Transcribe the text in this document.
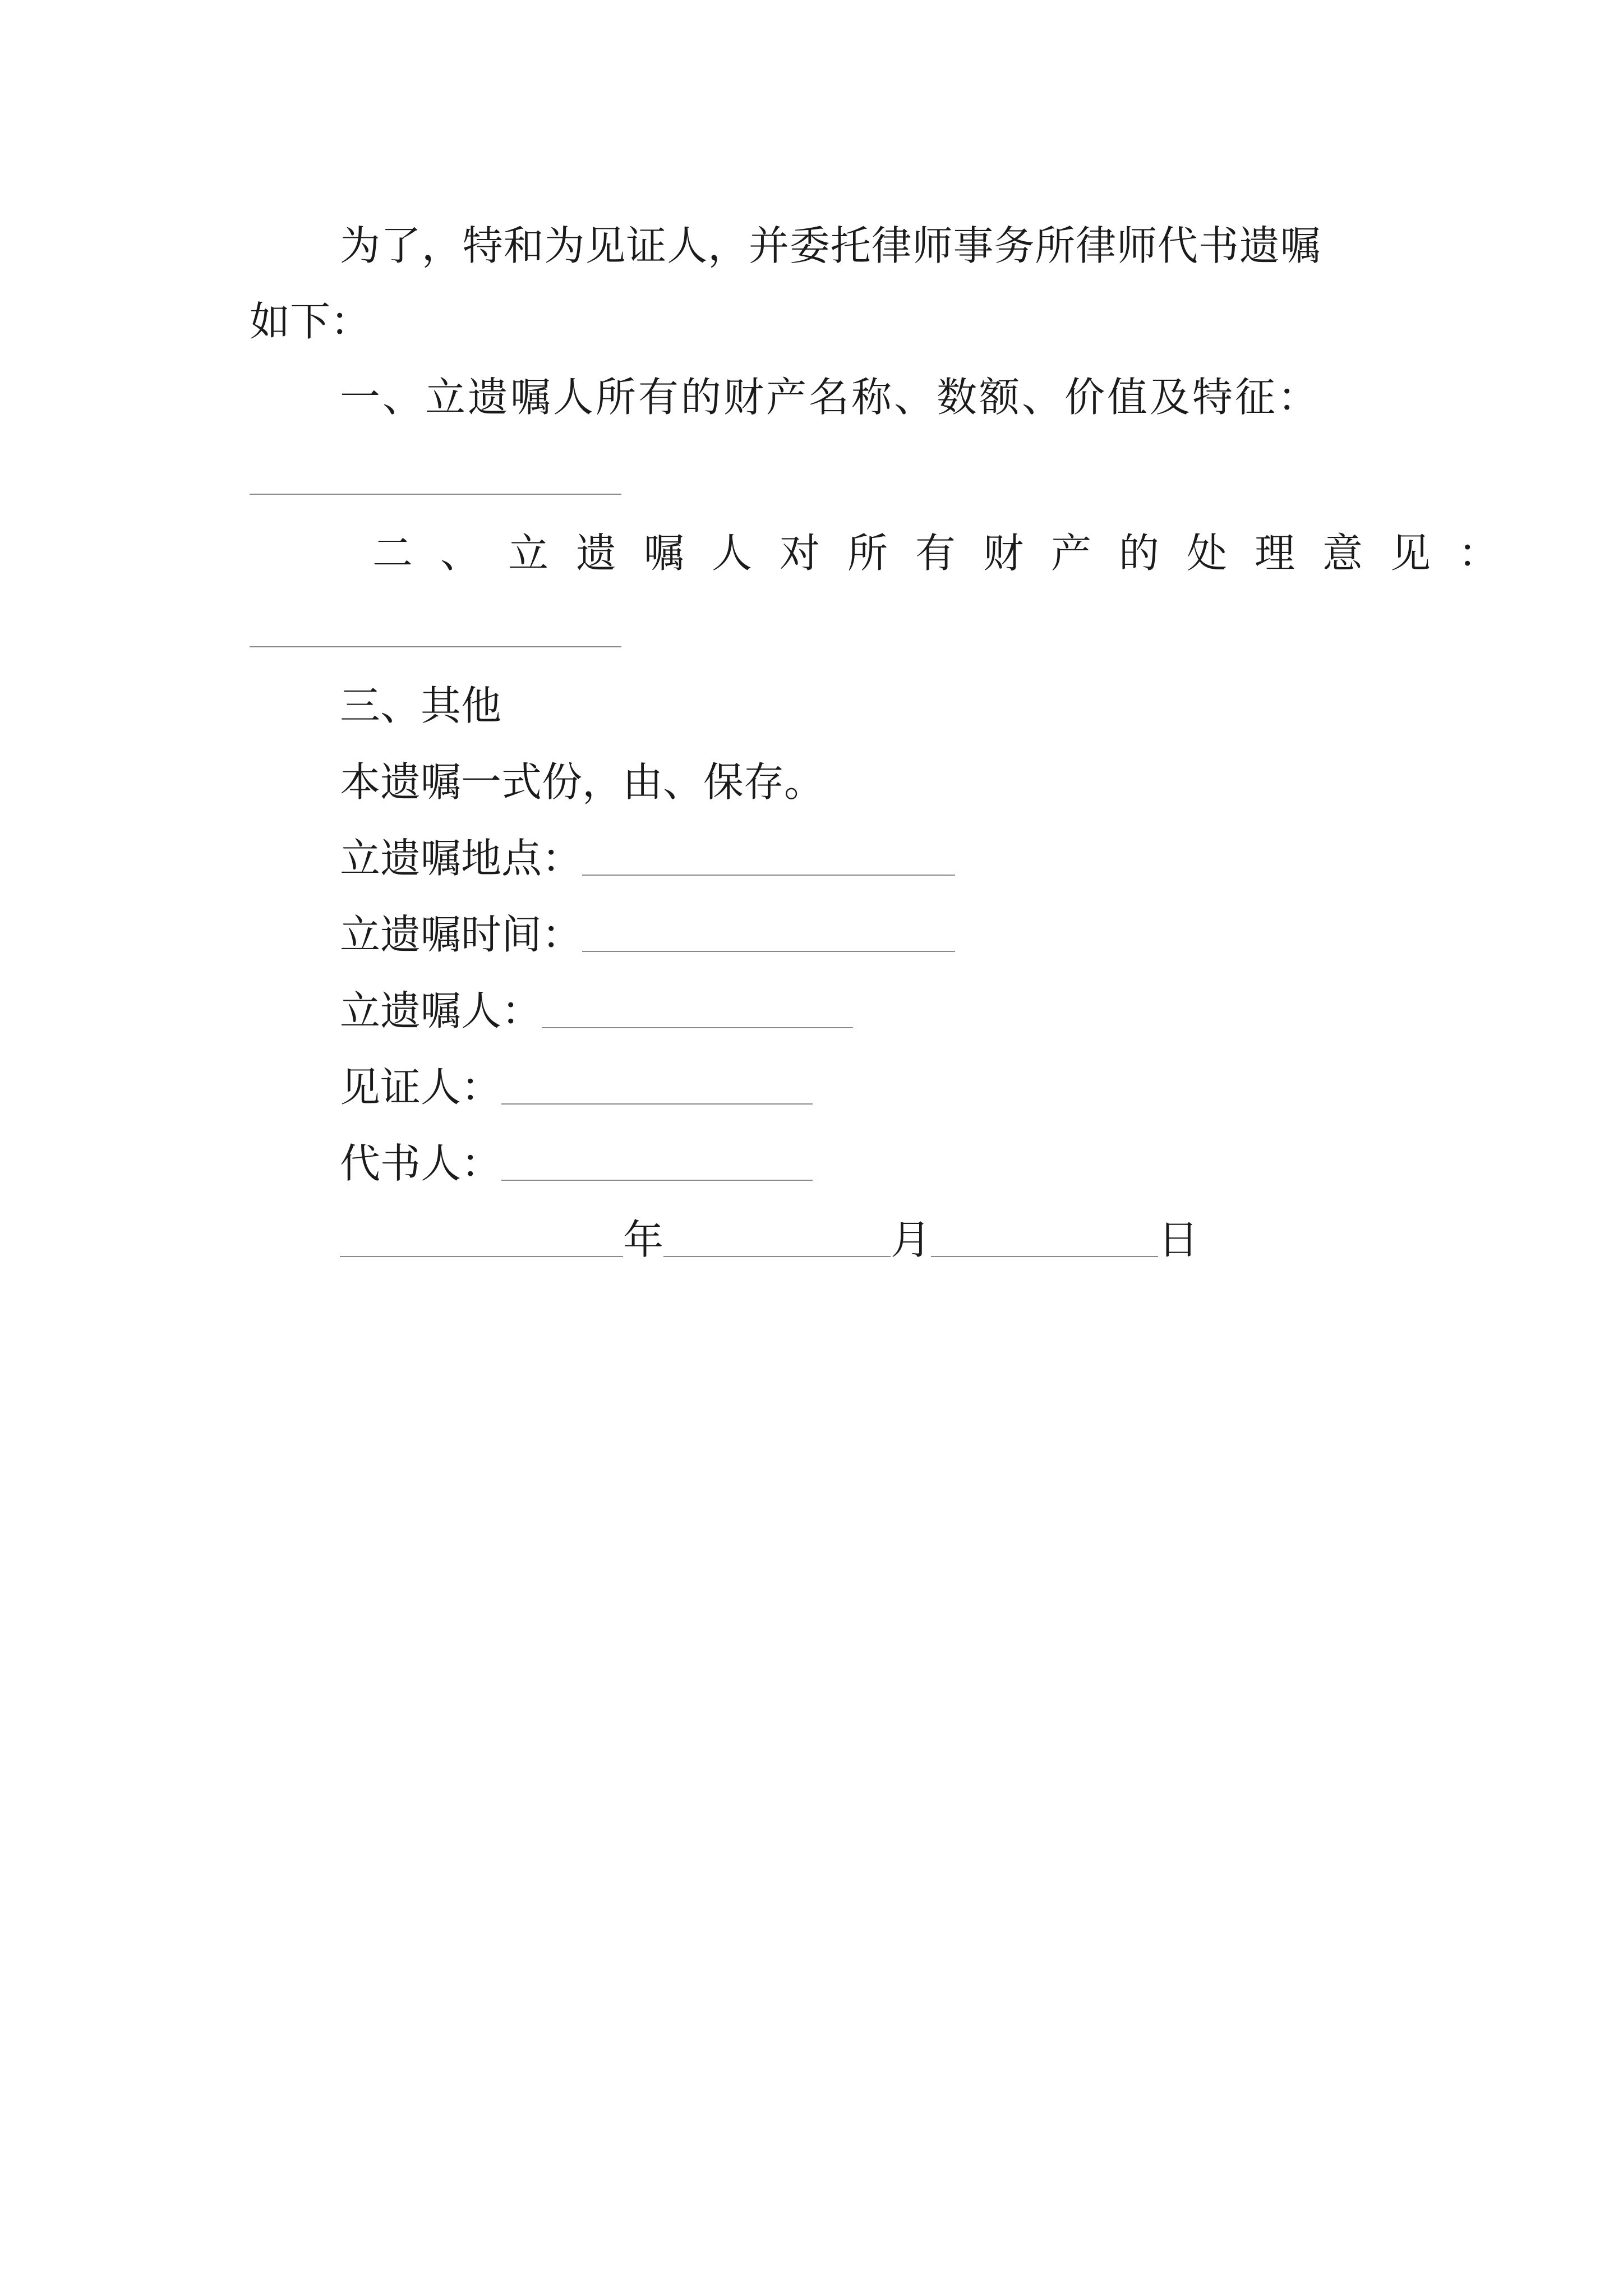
为了，特和为见证人，并委托律师事务所律师代书遗嘱
如下：
一、立遗嘱人所有的财产名称、数额、价值及特征：
二、立遗嘱人对所有财产的处理意见：
三、其他
本遗嘱一式份，由、保存。
立遗嘱地点：
立遗嘱时间：
立遗嘱人：
见证人：
代书人：
年	月	日
